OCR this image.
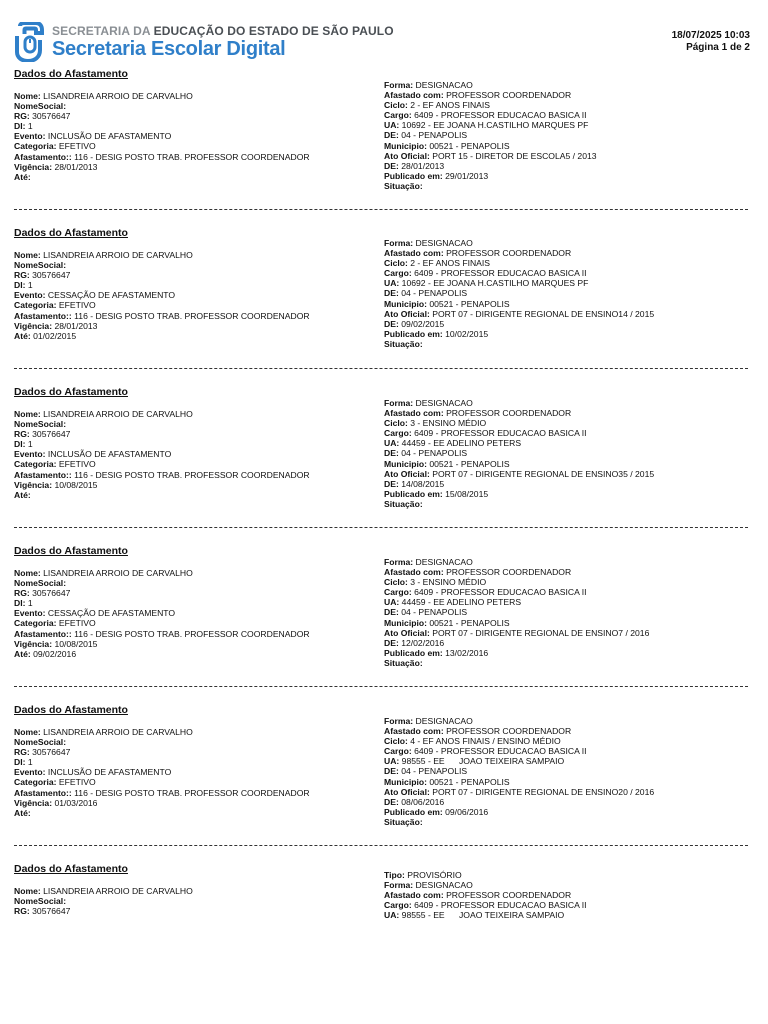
SECRETARIA DA EDUCAÇÃO DO ESTADO DE SÃO PAULO
Secretaria Escolar Digital
18/07/2025 10:03
Página 1 de 2
Dados do Afastamento
Nome: LISANDREIA ARROIO DE CARVALHO
NomeSocial:
RG: 30576647
DI: 1
Evento: INCLUSÃO DE AFASTAMENTO
Categoria: EFETIVO
Afastamento:: 116 - DESIG POSTO TRAB. PROFESSOR COORDENADOR
Vigência: 28/01/2013
Até:
Forma: DESIGNACAO
Afastado com: PROFESSOR COORDENADOR
Ciclo: 2 - EF ANOS FINAIS
Cargo: 6409 - PROFESSOR EDUCACAO BASICA II
UA: 10692 - EE JOANA H.CASTILHO MARQUES PF
DE: 04 - PENAPOLIS
Municipio: 00521 - PENAPOLIS
Ato Oficial: PORT 15 - DIRETOR DE ESCOLA5 / 2013
DE: 28/01/2013
Publicado em: 29/01/2013
Situação:
Dados do Afastamento
Nome: LISANDREIA ARROIO DE CARVALHO
NomeSocial:
RG: 30576647
DI: 1
Evento: CESSAÇÃO DE AFASTAMENTO
Categoria: EFETIVO
Afastamento:: 116 - DESIG POSTO TRAB. PROFESSOR COORDENADOR
Vigência: 28/01/2013
Até: 01/02/2015
Forma: DESIGNACAO
Afastado com: PROFESSOR COORDENADOR
Ciclo: 2 - EF ANOS FINAIS
Cargo: 6409 - PROFESSOR EDUCACAO BASICA II
UA: 10692 - EE JOANA H.CASTILHO MARQUES PF
DE: 04 - PENAPOLIS
Municipio: 00521 - PENAPOLIS
Ato Oficial: PORT 07 - DIRIGENTE REGIONAL DE ENSINO14 / 2015
DE: 09/02/2015
Publicado em: 10/02/2015
Situação:
Dados do Afastamento
Nome: LISANDREIA ARROIO DE CARVALHO
NomeSocial:
RG: 30576647
DI: 1
Evento: INCLUSÃO DE AFASTAMENTO
Categoria: EFETIVO
Afastamento:: 116 - DESIG POSTO TRAB. PROFESSOR COORDENADOR
Vigência: 10/08/2015
Até:
Forma: DESIGNACAO
Afastado com: PROFESSOR COORDENADOR
Ciclo: 3 - ENSINO MÉDIO
Cargo: 6409 - PROFESSOR EDUCACAO BASICA II
UA: 44459 - EE ADELINO PETERS
DE: 04 - PENAPOLIS
Municipio: 00521 - PENAPOLIS
Ato Oficial: PORT 07 - DIRIGENTE REGIONAL DE ENSINO35 / 2015
DE: 14/08/2015
Publicado em: 15/08/2015
Situação:
Dados do Afastamento
Nome: LISANDREIA ARROIO DE CARVALHO
NomeSocial:
RG: 30576647
DI: 1
Evento: CESSAÇÃO DE AFASTAMENTO
Categoria: EFETIVO
Afastamento:: 116 - DESIG POSTO TRAB. PROFESSOR COORDENADOR
Vigência: 10/08/2015
Até: 09/02/2016
Forma: DESIGNACAO
Afastado com: PROFESSOR COORDENADOR
Ciclo: 3 - ENSINO MÉDIO
Cargo: 6409 - PROFESSOR EDUCACAO BASICA II
UA: 44459 - EE ADELINO PETERS
DE: 04 - PENAPOLIS
Municipio: 00521 - PENAPOLIS
Ato Oficial: PORT 07 - DIRIGENTE REGIONAL DE ENSINO7 / 2016
DE: 12/02/2016
Publicado em: 13/02/2016
Situação:
Dados do Afastamento
Nome: LISANDREIA ARROIO DE CARVALHO
NomeSocial:
RG: 30576647
DI: 1
Evento: INCLUSÃO DE AFASTAMENTO
Categoria: EFETIVO
Afastamento:: 116 - DESIG POSTO TRAB. PROFESSOR COORDENADOR
Vigência: 01/03/2016
Até:
Forma: DESIGNACAO
Afastado com: PROFESSOR COORDENADOR
Ciclo: 4 - EF ANOS FINAIS / ENSINO MÉDIO
Cargo: 6409 - PROFESSOR EDUCACAO BASICA II
UA: 98555 - EE      JOAO TEIXEIRA SAMPAIO
DE: 04 - PENAPOLIS
Municipio: 00521 - PENAPOLIS
Ato Oficial: PORT 07 - DIRIGENTE REGIONAL DE ENSINO20 / 2016
DE: 08/06/2016
Publicado em: 09/06/2016
Situação:
Dados do Afastamento
Nome: LISANDREIA ARROIO DE CARVALHO
NomeSocial:
RG: 30576647
Tipo: PROVISÓRIO
Forma: DESIGNACAO
Afastado com: PROFESSOR COORDENADOR
Cargo: 6409 - PROFESSOR EDUCACAO BASICA II
UA: 98555 - EE      JOAO TEIXEIRA SAMPAIO
